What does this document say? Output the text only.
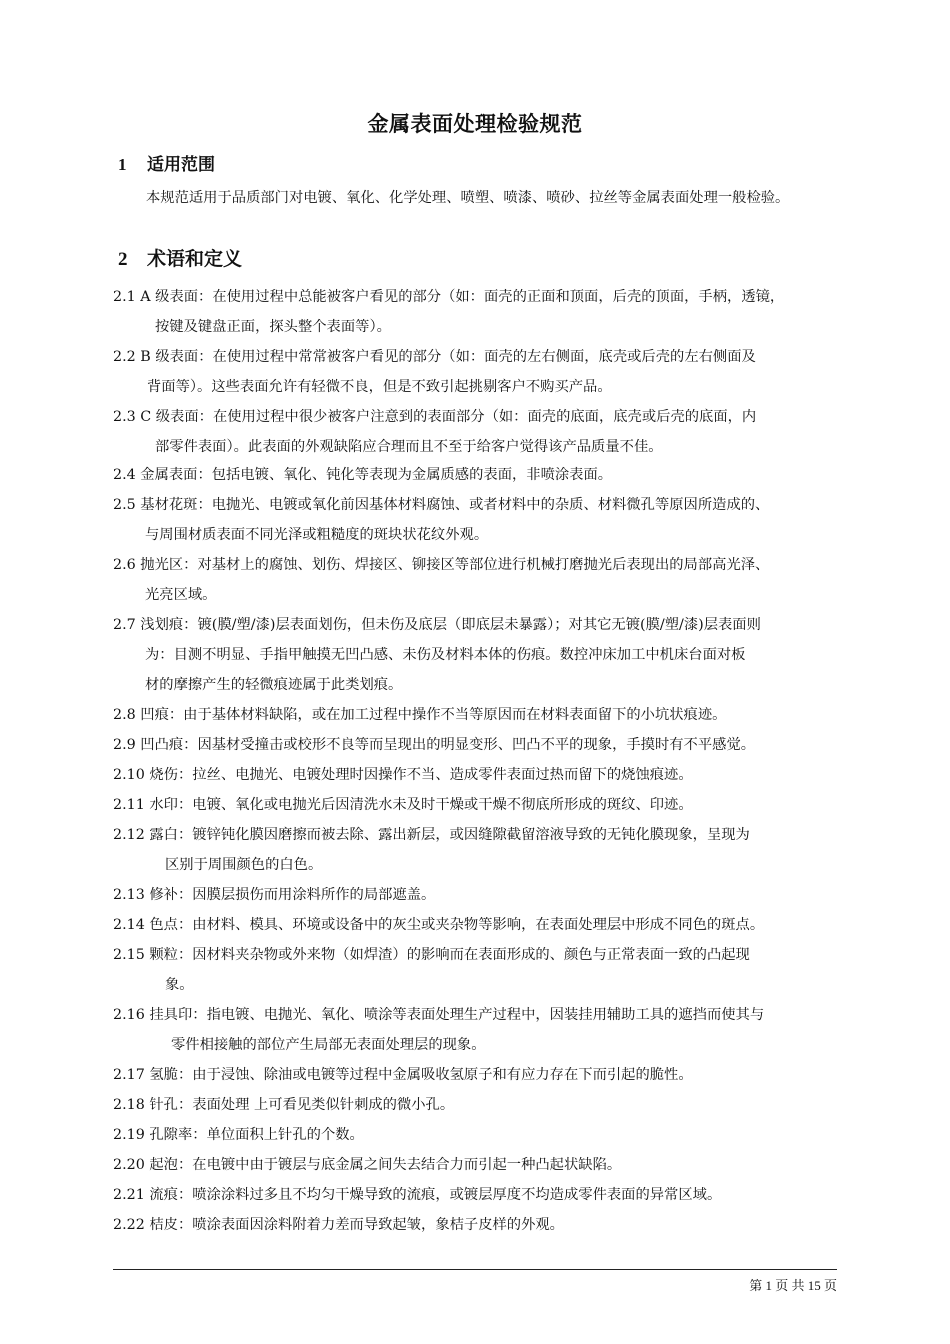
金属表面处理检验规范
1 适用范围
本规范适用于品质部门对电镀、氧化、化学处理、喷塑、喷漆、喷砂、拉丝等金属表面处理一般检验。
2 术语和定义
2.1 A 级表面：在使用过程中总能被客户看见的部分（如：面壳的正面和顶面，后壳的顶面，手柄，透镜，
按键及键盘正面，探头整个表面等）。
2.2 B 级表面：在使用过程中常常被客户看见的部分（如：面壳的左右侧面，底壳或后壳的左右侧面及
背面等）。这些表面允许有轻微不良，但是不致引起挑剔客户不购买产品。
2.3 C 级表面：在使用过程中很少被客户注意到的表面部分（如：面壳的底面，底壳或后壳的底面，内
部零件表面）。此表面的外观缺陷应合理而且不至于给客户觉得该产品质量不佳。
2.4 金属表面：包括电镀、氧化、钝化等表现为金属质感的表面，非喷涂表面。
2.5 基材花斑：电抛光、电镀或氧化前因基体材料腐蚀、或者材料中的杂质、材料微孔等原因所造成的、
与周围材质表面不同光泽或粗糙度的斑块状花纹外观。
2.6 抛光区：对基材上的腐蚀、划伤、焊接区、铆接区等部位进行机械打磨抛光后表现出的局部高光泽、
光亮区域。
2.7 浅划痕：镀(膜/塑/漆)层表面划伤，但未伤及底层（即底层未暴露）；对其它无镀(膜/塑/漆)层表面则
为：目测不明显、手指甲触摸无凹凸感、未伤及材料本体的伤痕。数控冲床加工中机床台面对板
材的摩擦产生的轻微痕迹属于此类划痕。
2.8 凹痕：由于基体材料缺陷，或在加工过程中操作不当等原因而在材料表面留下的小坑状痕迹。
2.9 凹凸痕：因基材受撞击或校形不良等而呈现出的明显变形、凹凸不平的现象，手摸时有不平感觉。
2.10 烧伤：拉丝、电抛光、电镀处理时因操作不当、造成零件表面过热而留下的烧蚀痕迹。
2.11 水印：电镀、氧化或电抛光后因清洗水未及时干燥或干燥不彻底所形成的斑纹、印迹。
2.12 露白：镀锌钝化膜因磨擦而被去除、露出新层，或因缝隙截留溶液导致的无钝化膜现象，呈现为
区别于周围颜色的白色。
2.13 修补：因膜层损伤而用涂料所作的局部遮盖。
2.14 色点：由材料、模具、环境或设备中的灰尘或夹杂物等影响，在表面处理层中形成不同色的斑点。
2.15 颗粒：因材料夹杂物或外来物（如焊渣）的影响而在表面形成的、颜色与正常表面一致的凸起现
象。
2.16 挂具印：指电镀、电抛光、氧化、喷涂等表面处理生产过程中，因装挂用辅助工具的遮挡而使其与
零件相接触的部位产生局部无表面处理层的现象。
2.17 氢脆：由于浸蚀、除油或电镀等过程中金属吸收氢原子和有应力存在下而引起的脆性。
2.18 针孔：表面处理 上可看见类似针刺成的微小孔。
2.19 孔隙率：单位面积上针孔的个数。
2.20 起泡：在电镀中由于镀层与底金属之间失去结合力而引起一种凸起状缺陷。
2.21 流痕：喷涂涂料过多且不均匀干燥导致的流痕，或镀层厚度不均造成零件表面的异常区域。
2.22 桔皮：喷涂表面因涂料附着力差而导致起皱，象桔子皮样的外观。
第 1 页 共 15 页
